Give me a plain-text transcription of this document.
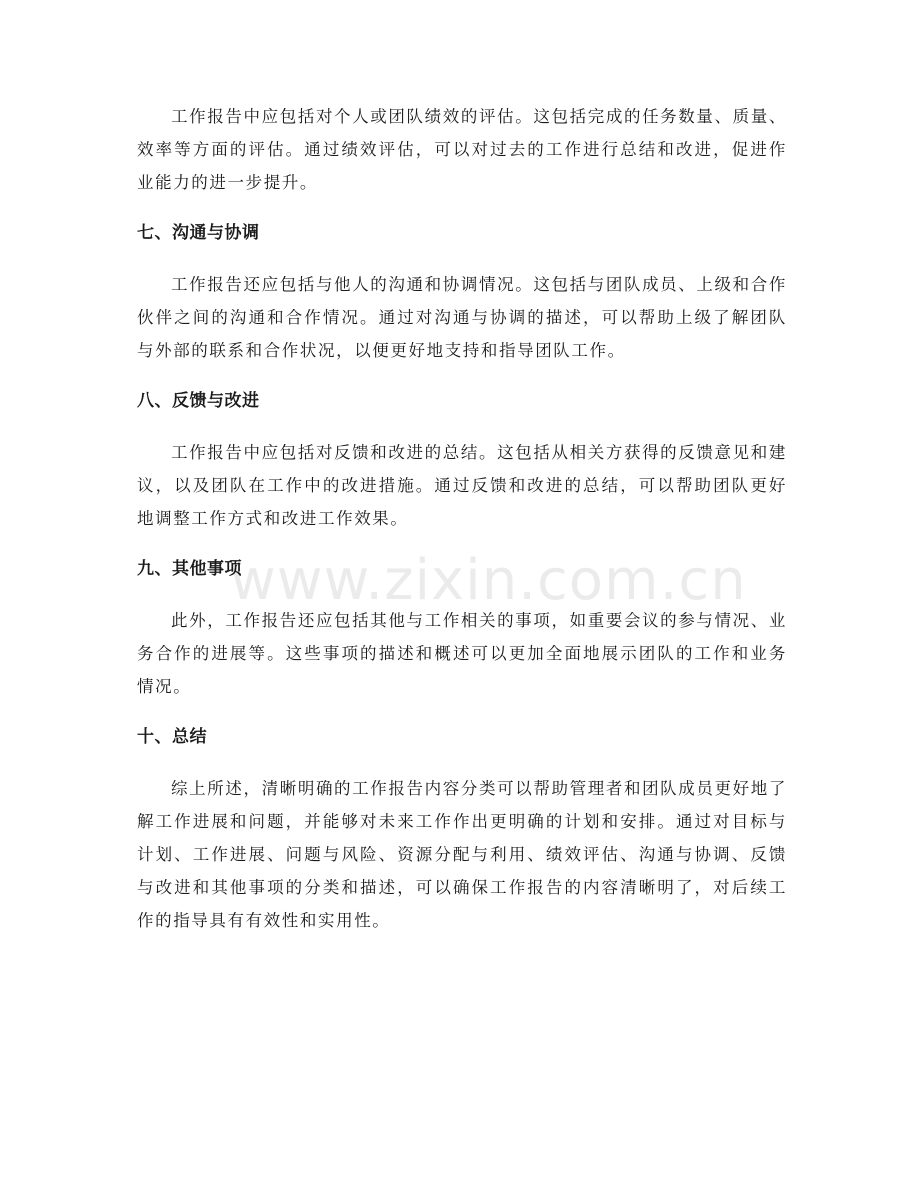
工作报告中应包括对个人或团队绩效的评估。这包括完成的任务数量、质量、效率等方面的评估。通过绩效评估，可以对过去的工作进行总结和改进，促进作业能力的进一步提升。

七、沟通与协调

工作报告还应包括与他人的沟通和协调情况。这包括与团队成员、上级和合作伙伴之间的沟通和合作情况。通过对沟通与协调的描述，可以帮助上级了解团队与外部的联系和合作状况，以便更好地支持和指导团队工作。

八、反馈与改进

工作报告中应包括对反馈和改进的总结。这包括从相关方获得的反馈意见和建议，以及团队在工作中的改进措施。通过反馈和改进的总结，可以帮助团队更好地调整工作方式和改进工作效果。

九、其他事项

此外，工作报告还应包括其他与工作相关的事项，如重要会议的参与情况、业务合作的进展等。这些事项的描述和概述可以更加全面地展示团队的工作和业务情况。

十、总结

综上所述，清晰明确的工作报告内容分类可以帮助管理者和团队成员更好地了解工作进展和问题，并能够对未来工作作出更明确的计划和安排。通过对目标与计划、工作进展、问题与风险、资源分配与利用、绩效评估、沟通与协调、反馈与改进和其他事项的分类和描述，可以确保工作报告的内容清晰明了，对后续工作的指导具有有效性和实用性。

www.zixin.com.cn
